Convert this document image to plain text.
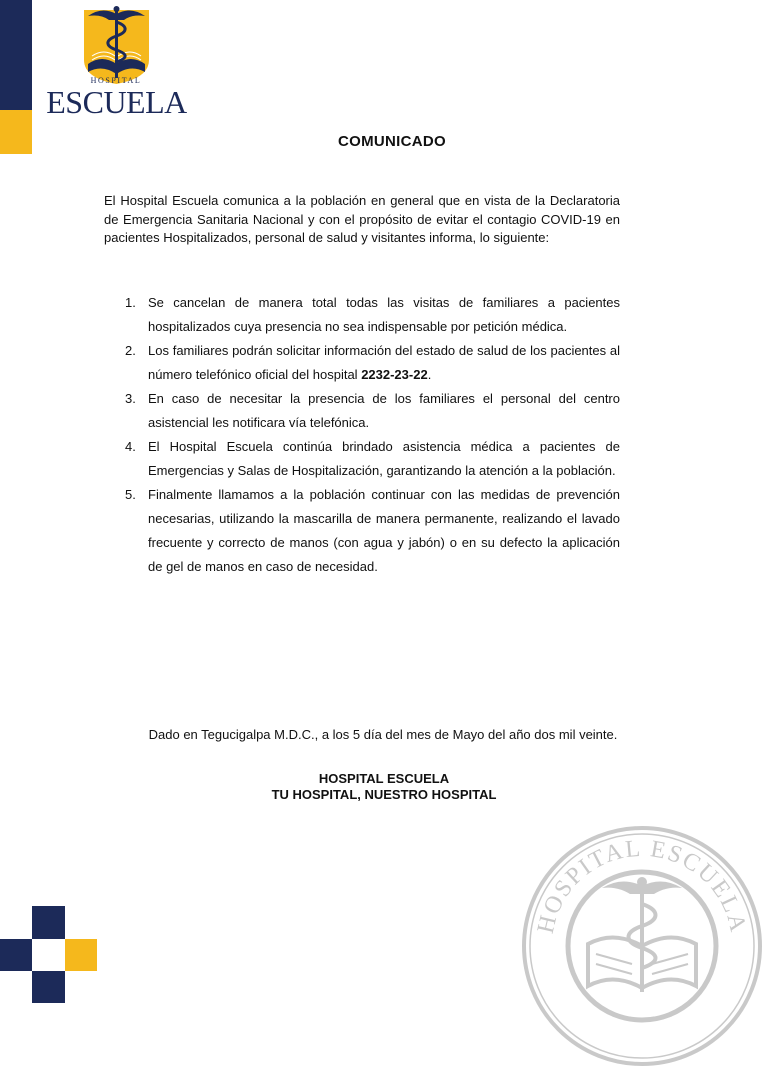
HOSPITAL
ESCUELA
COMUNICADO
El Hospital Escuela comunica a la población en general que en vista de la Declaratoria de Emergencia Sanitaria Nacional y con el propósito de evitar el contagio COVID-19 en pacientes Hospitalizados, personal de salud y visitantes informa, lo siguiente:
1. Se cancelan de manera total todas las visitas de familiares a pacientes hospitalizados cuya presencia no sea indispensable por petición médica.
2. Los familiares podrán solicitar información del estado de salud de los pacientes al número telefónico oficial del hospital 2232-23-22.
3. En caso de necesitar la presencia de los familiares el personal del centro asistencial les notificara vía telefónica.
4. El Hospital Escuela continúa brindado asistencia médica a pacientes de Emergencias y Salas de Hospitalización, garantizando la atención a la población.
5. Finalmente llamamos a la población continuar con las medidas de prevención necesarias, utilizando la mascarilla de manera permanente, realizando el lavado frecuente y correcto de manos (con agua y jabón) o en su defecto la aplicación de gel de manos en caso de necesidad.
Dado en Tegucigalpa M.D.C., a los 5 día del mes de Mayo del año dos mil veinte.
HOSPITAL ESCUELA
TU HOSPITAL, NUESTRO HOSPITAL
HOSPITAL ESCUELA
